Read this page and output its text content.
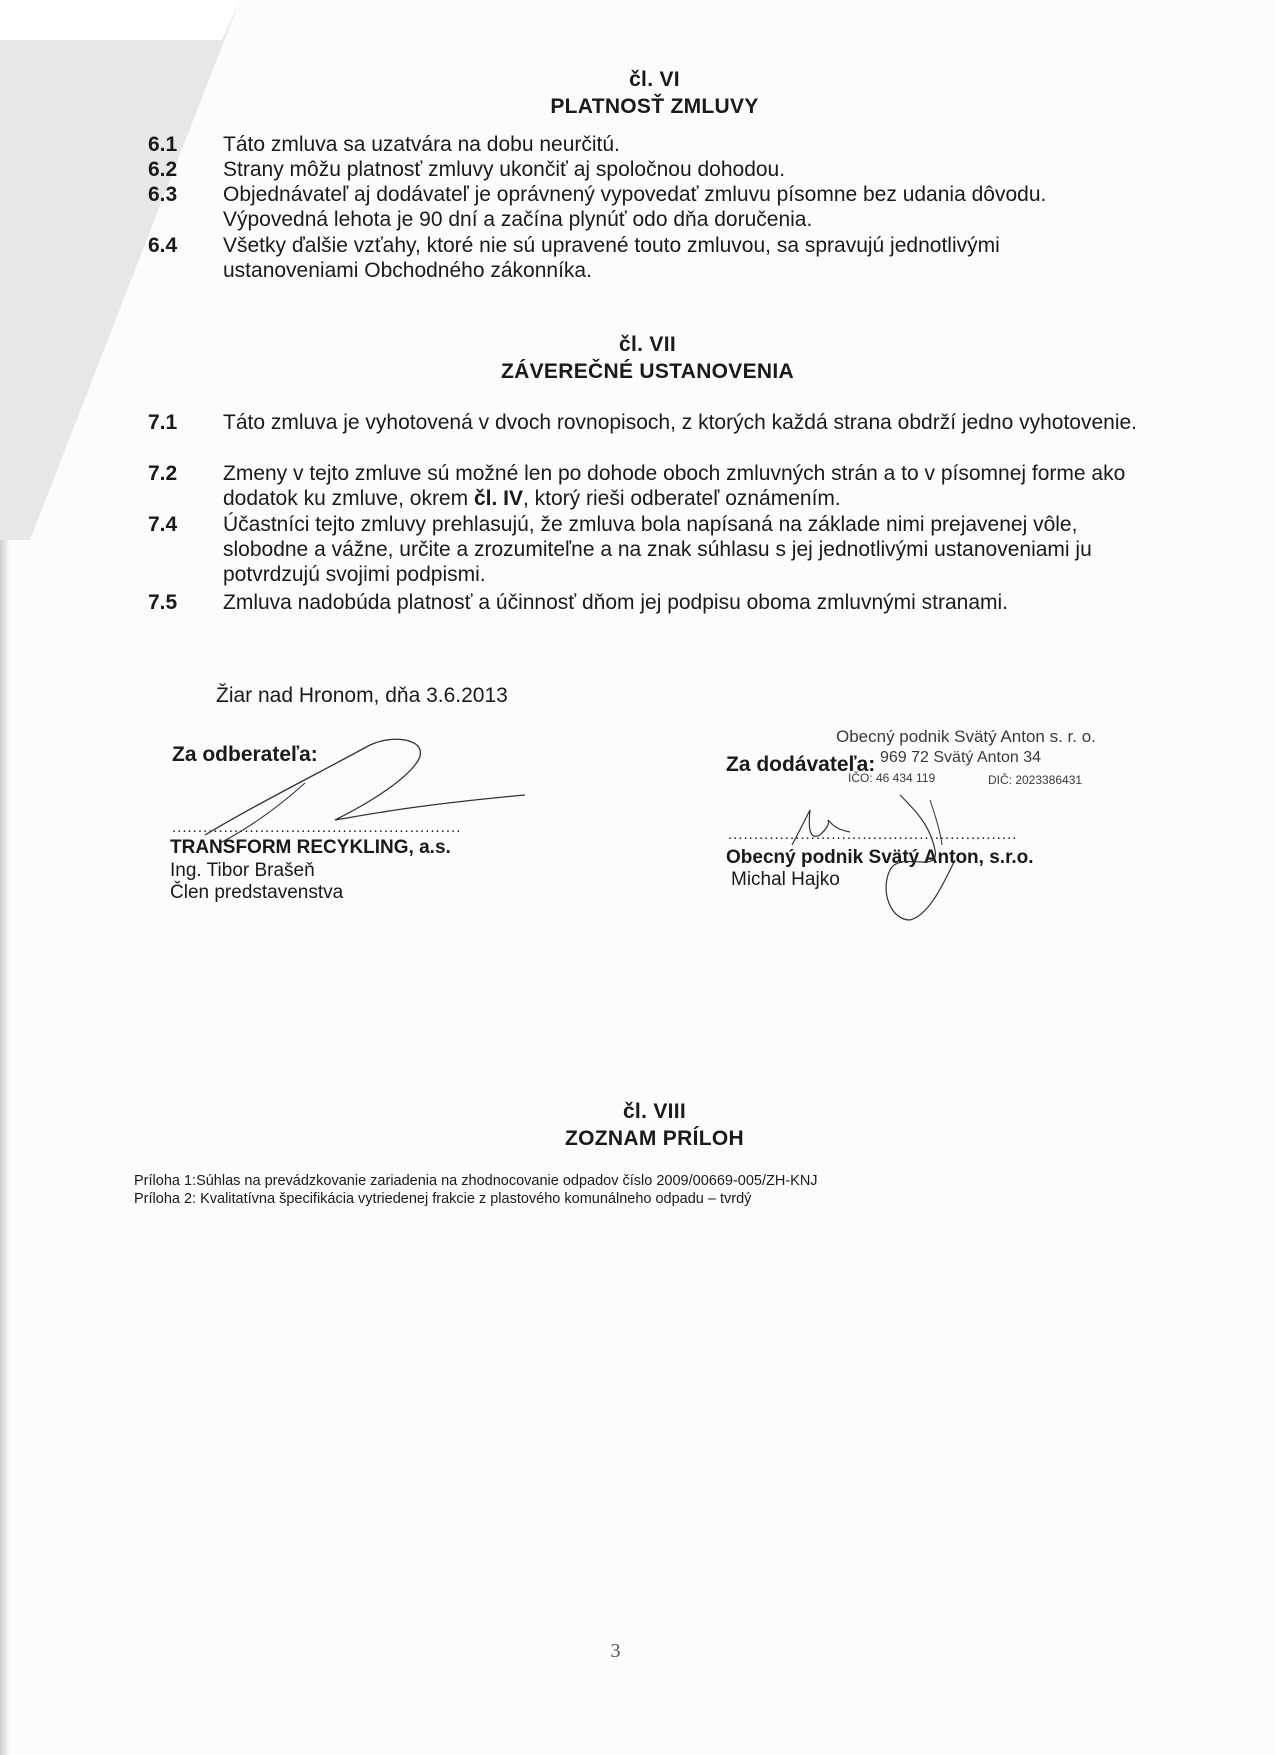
čl. VI
PLATNOSŤ ZMLUVY
6.1	Táto zmluva sa uzatvára na dobu neurčitú.
6.2	Strany môžu platnosť zmluvy ukončiť aj spoločnou dohodou.
6.3	Objednávateľ aj dodávateľ je oprávnený vypovedať zmluvu písomne bez udania dôvodu. Výpovedná lehota je 90 dní a začína plynúť odo dňa doručenia.
6.4	Všetky ďalšie vzťahy, ktoré nie sú upravené touto zmluvou, sa spravujú jednotlivými ustanoveniami Obchodného zákonníka.
čl. VII
ZÁVEREČNÉ USTANOVENIA
7.1	Táto zmluva je vyhotovená v dvoch rovnopisoch, z ktorých každá strana obdrží jedno vyhotovenie.
7.2	Zmeny v tejto zmluve sú možné len po dohode oboch zmluvných strán a to v písomnej forme ako dodatok ku zmluve, okrem čl. IV, ktorý rieši odberateľ oznámením.
7.4	Účastníci tejto zmluvy prehlasujú, že zmluva bola napísaná na základe nimi prejavenej vôle, slobodne a vážne, určite a zrozumiteľne a na znak súhlasu s jej jednotlivými ustanoveniami ju potvrdzujú svojimi podpismi.
7.5	Zmluva nadobúda platnosť a účinnosť dňom jej podpisu oboma zmluvnými stranami.
Žiar nad Hronom, dňa 3.6.2013
Za odberateľa:
........................................................
TRANSFORM RECYKLING, a.s.
Ing. Tibor Brašeň
Člen predstavenstva
Obecný podnik Svätý Anton s. r. o.
969 72 Svätý Anton 34
IČO: 46 434 119	DIČ: 2023386431
Za dodávateľa:
........................................................
Obecný podnik Svätý Anton, s.r.o.
Michal Hajko
čl. VIII
ZOZNAM PRÍLOH
Príloha 1:Súhlas na prevádzkovanie zariadenia na zhodnocovanie odpadov číslo 2009/00669-005/ZH-KNJ
Príloha 2: Kvalitatívna špecifikácia vytriedenej frakcie z plastového komunálneho odpadu – tvrdý
3
